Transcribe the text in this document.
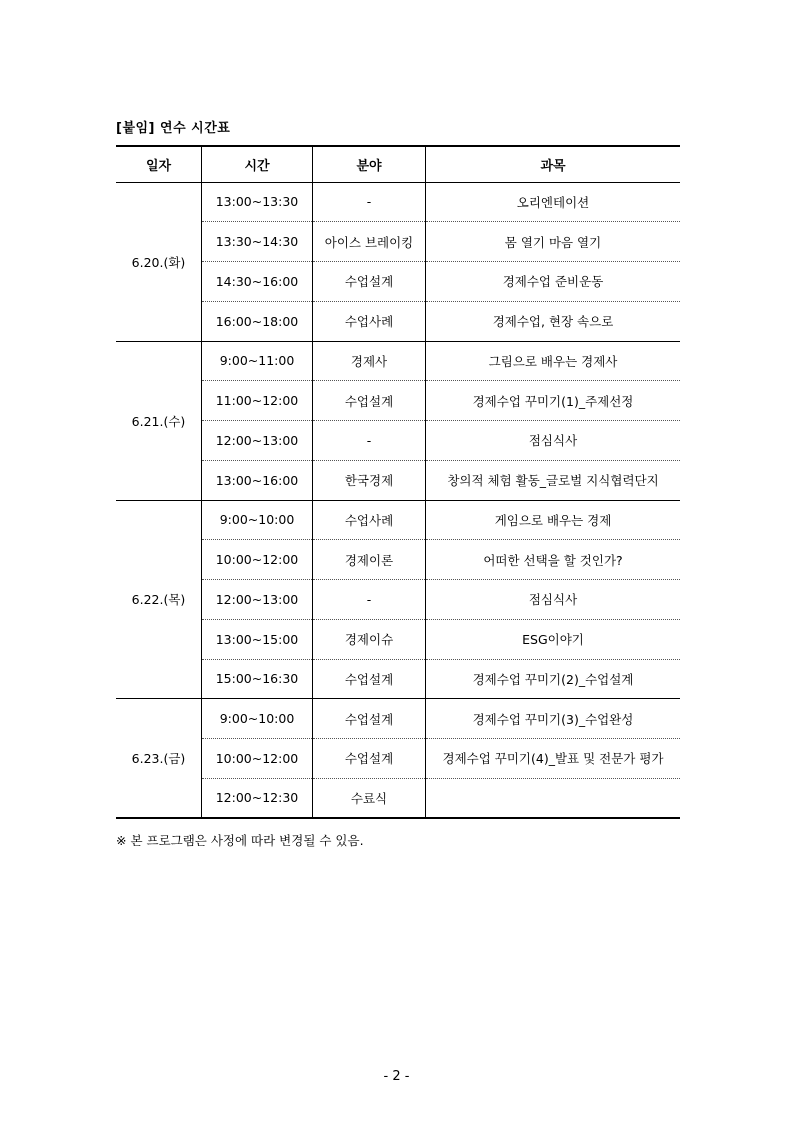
[붙임] 연수 시간표
일자	시간	분야	과목
6.20.(화)	13:00~13:30	-	오리엔테이션
	13:30~14:30	아이스 브레이킹	몸 열기 마음 열기
	14:30~16:00	수업설계	경제수업 준비운동
	16:00~18:00	수업사례	경제수업, 현장 속으로
6.21.(수)	9:00~11:00	경제사	그림으로 배우는 경제사
	11:00~12:00	수업설계	경제수업 꾸미기(1)_주제선정
	12:00~13:00	-	점심식사
	13:00~16:00	한국경제	창의적 체험 활동_글로벌 지식협력단지
6.22.(목)	9:00~10:00	수업사례	게임으로 배우는 경제
	10:00~12:00	경제이론	어떠한 선택을 할 것인가?
	12:00~13:00	-	점심식사
	13:00~15:00	경제이슈	ESG이야기
	15:00~16:30	수업설계	경제수업 꾸미기(2)_수업설계
6.23.(금)	9:00~10:00	수업설계	경제수업 꾸미기(3)_수업완성
	10:00~12:00	수업설계	경제수업 꾸미기(4)_발표 및 전문가 평가
	12:00~12:30	수료식	
※ 본 프로그램은 사정에 따라 변경될 수 있음.
- 2 -
